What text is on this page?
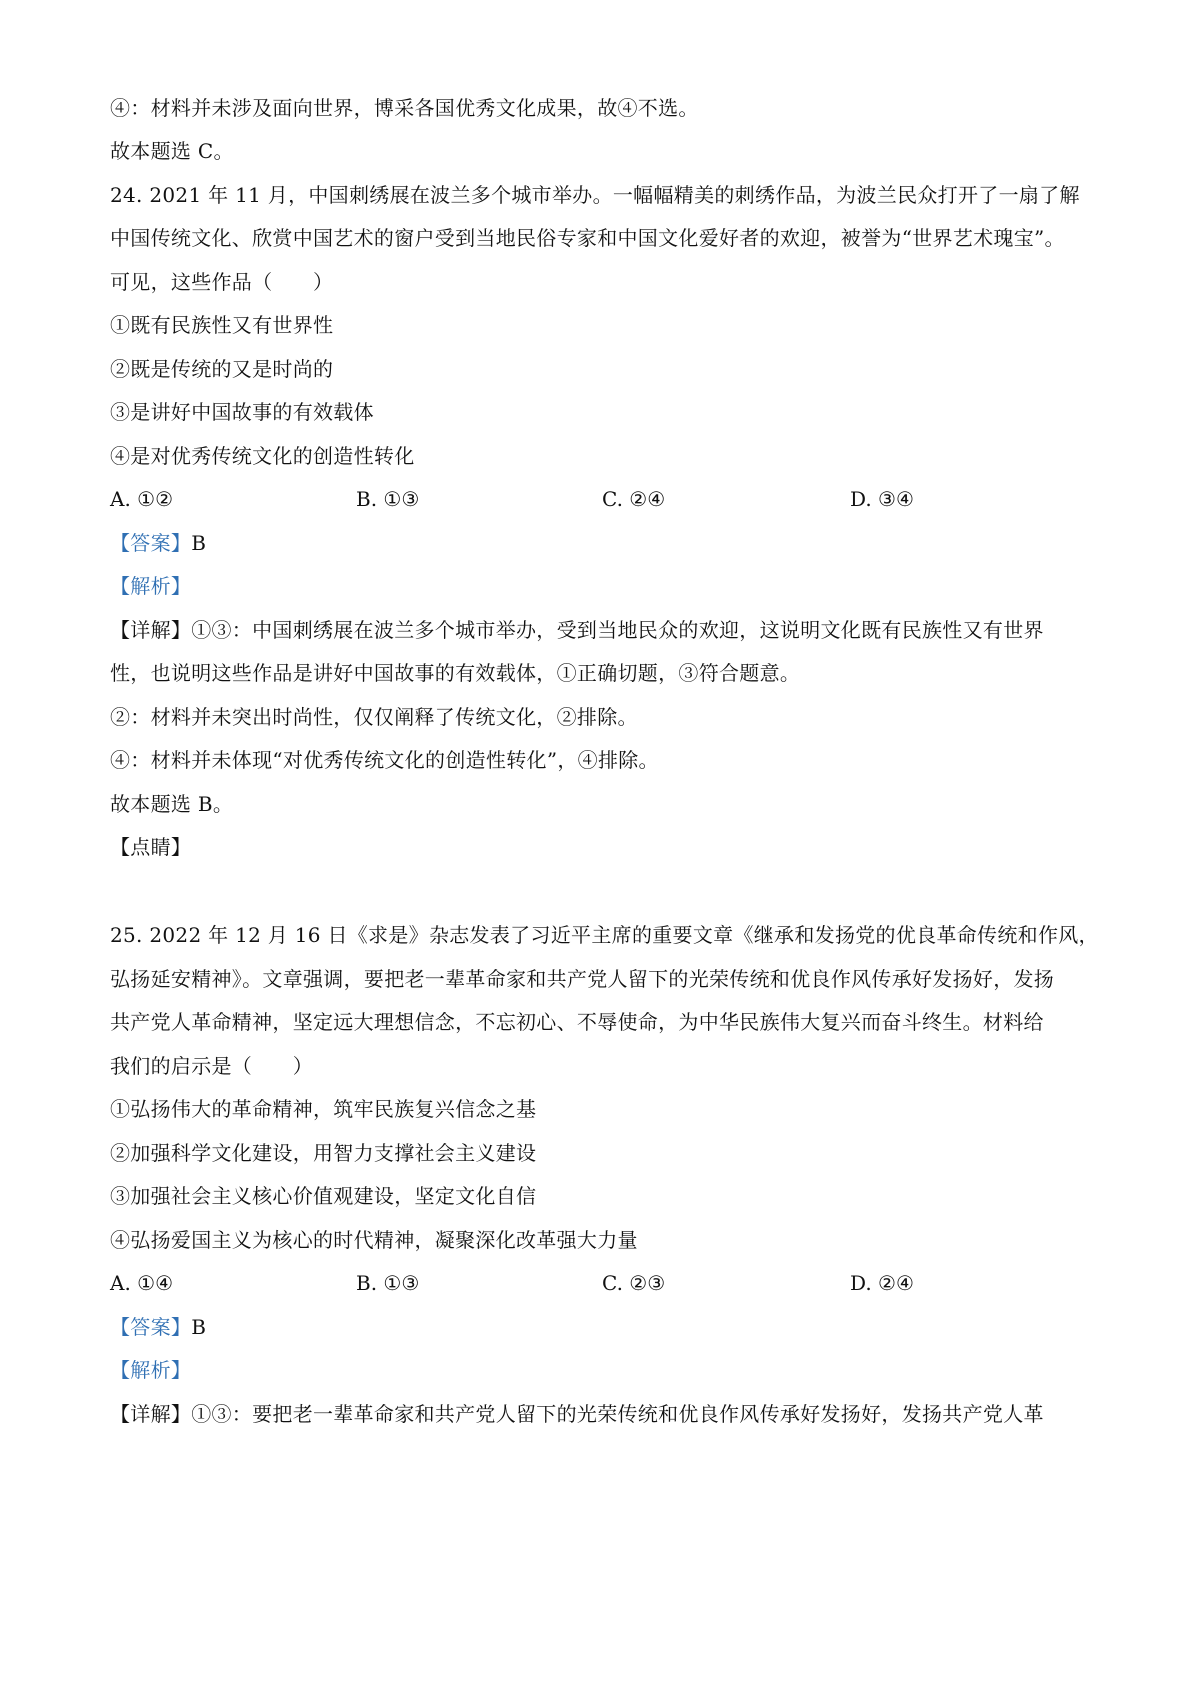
④：材料并未涉及面向世界，博采各国优秀文化成果，故④不选。
故本题选 C。
24. 2021 年 11 月，中国刺绣展在波兰多个城市举办。一幅幅精美的刺绣作品，为波兰民众打开了一扇了解
中国传统文化、欣赏中国艺术的窗户受到当地民俗专家和中国文化爱好者的欢迎，被誉为“世界艺术瑰宝”。
可见，这些作品（　　）
①既有民族性又有世界性
②既是传统的又是时尚的
③是讲好中国故事的有效载体
④是对优秀传统文化的创造性转化
A. ①②	B. ①③	C. ②④	D. ③④
【答案】B
【解析】
【详解】①③：中国刺绣展在波兰多个城市举办，受到当地民众的欢迎，这说明文化既有民族性又有世界
性，也说明这些作品是讲好中国故事的有效载体，①正确切题，③符合题意。
②：材料并未突出时尚性，仅仅阐释了传统文化，②排除。
④：材料并未体现“对优秀传统文化的创造性转化”，④排除。
故本题选 B。
【点睛】
25. 2022 年 12 月 16 日《求是》杂志发表了习近平主席的重要文章《继承和发扬党的优良革命传统和作风，
弘扬延安精神》。文章强调，要把老一辈革命家和共产党人留下的光荣传统和优良作风传承好发扬好，发扬
共产党人革命精神，坚定远大理想信念，不忘初心、不辱使命，为中华民族伟大复兴而奋斗终生。材料给
我们的启示是（　　）
①弘扬伟大的革命精神，筑牢民族复兴信念之基
②加强科学文化建设，用智力支撑社会主义建设
③加强社会主义核心价值观建设，坚定文化自信
④弘扬爱国主义为核心的时代精神，凝聚深化改革强大力量
A. ①④	B. ①③	C. ②③	D. ②④
【答案】B
【解析】
【详解】①③：要把老一辈革命家和共产党人留下的光荣传统和优良作风传承好发扬好，发扬共产党人革
